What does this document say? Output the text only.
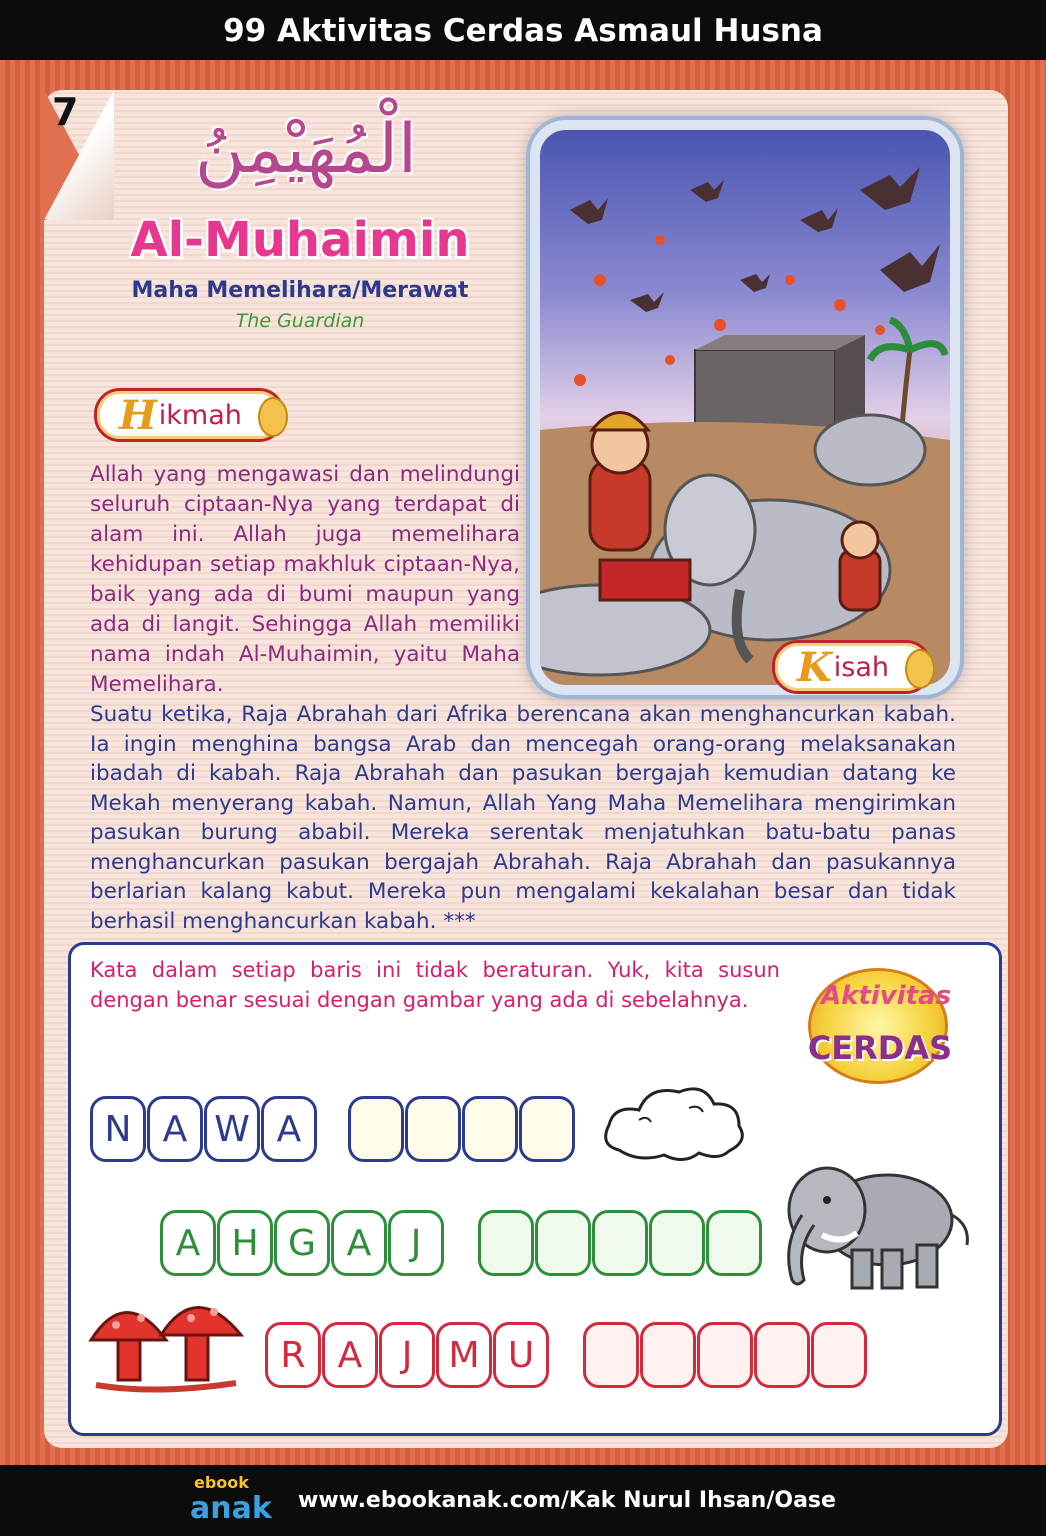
99 Aktivitas Cerdas Asmaul Husna
7 الْمُهَيْمِنُ
Al-Muhaimin
Maha Memelihara/Merawat
The Guardian
H ikmah
Allah yang mengawasi dan melindungi seluruh ciptaan-Nya yang terdapat di alam ini. Allah juga memelihara kehidupan setiap makhluk ciptaan-Nya, baik yang ada di bumi maupun yang ada di langit. Sehingga Allah memiliki nama indah Al-Muhaimin, yaitu Maha Memelihara.	K isah
Suatu ketika, Raja Abrahah dari Afrika berencana akan menghancurkan kabah. Ia ingin menghina bangsa Arab dan mencegah orang-orang melaksanakan ibadah di kabah. Raja Abrahah dan pasukan bergajah kemudian datang ke Mekah menyerang kabah. Namun, Allah Yang Maha Memelihara mengirimkan pasukan burung ababil. Mereka serentak menjatuhkan batu-batu panas menghancurkan pasukan bergajah Abrahah. Raja Abrahah dan pasukannya berlarian kalang kabut. Mereka pun mengalami kekalahan besar dan tidak berhasil menghancurkan kabah. ***
Kata dalam setiap baris ini tidak beraturan. Yuk, kita susun dengan benar sesuai dengan gambar yang ada di sebelahnya.	Aktivitas
CERDAS
N A W A
A H G A	J
R A	J	M U
ebook
anak www.ebookanak.com/Kak Nurul Ihsan/Oase
